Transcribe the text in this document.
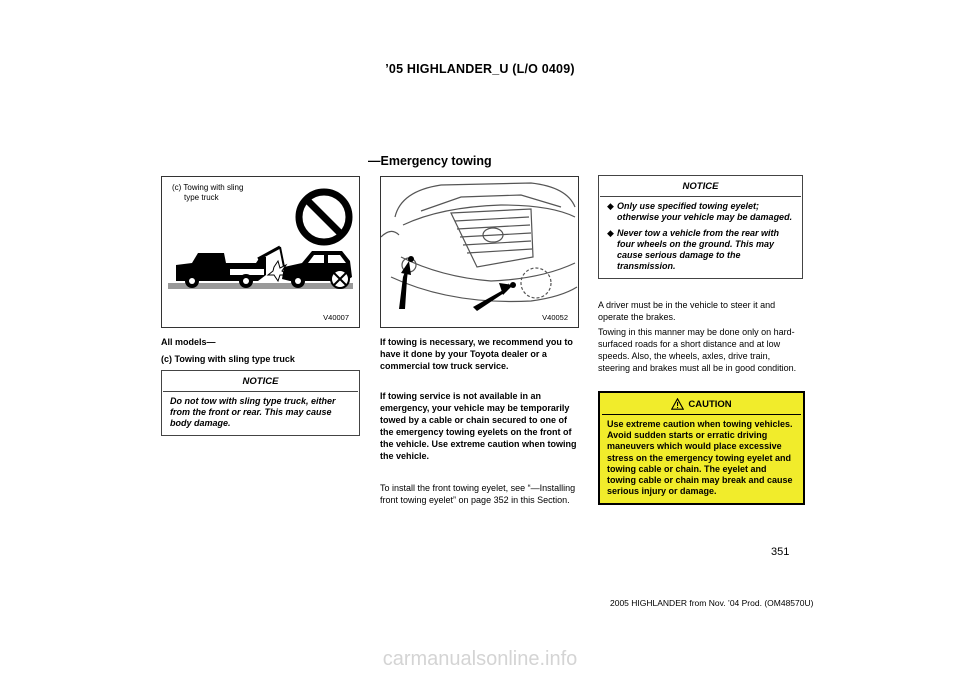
’05 HIGHLANDER_U (L/O 0409)
—Emergency towing
(c) Towing with sling
type truck
V40007
All models—
(c) Towing with sling type truck
NOTICE
Do not tow with sling type truck, either from the front or rear. This may cause body damage.
V40052
If towing is necessary, we recommend you to have it done by your Toyota dealer or a commercial tow truck service.
If towing service is not available in an emergency, your vehicle may be temporarily towed by a cable or chain secured to one of the emergency towing eyelets on the front of the vehicle. Use extreme caution when towing the vehicle.
To install the front towing eyelet, see “—Installing front towing eyelet” on page 352 in this Section.
NOTICE
◆ Only use specified towing eyelet; otherwise your vehicle may be damaged.
◆ Never tow a vehicle from the rear with four wheels on the ground. This may cause serious damage to the transmission.
A driver must be in the vehicle to steer it and operate the brakes.
Towing in this manner may be done only on hard-surfaced roads for a short distance and at low speeds. Also, the wheels, axles, drive train, steering and brakes must all be in good condition.
CAUTION
Use extreme caution when towing vehicles. Avoid sudden starts or erratic driving maneuvers which would place excessive stress on the emergency towing eyelet and towing cable or chain. The eyelet and towing cable or chain may break and cause serious injury or damage.
351
2005 HIGHLANDER from Nov. ’04 Prod. (OM48570U)
carmanualsonline.info
